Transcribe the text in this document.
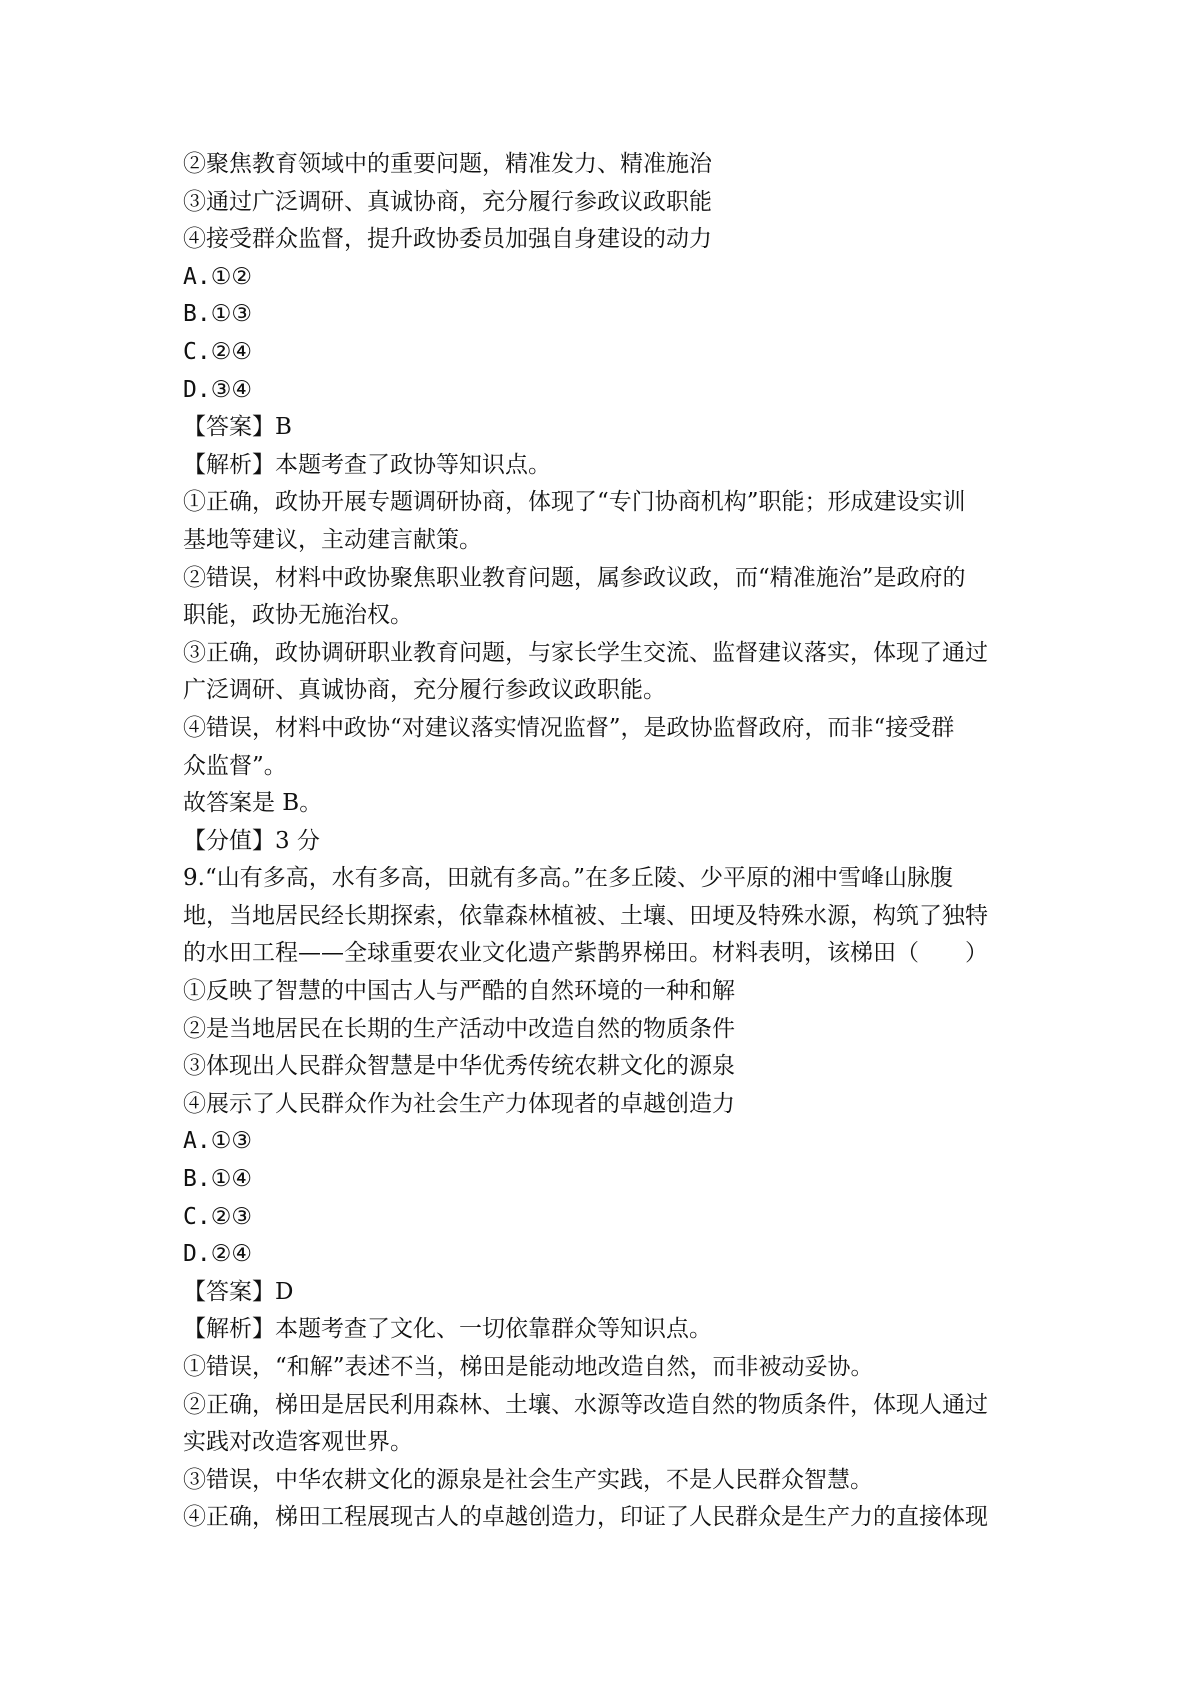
②聚焦教育领域中的重要问题，精准发力、精准施治
③通过广泛调研、真诚协商，充分履行参政议政职能
④接受群众监督，提升政协委员加强自身建设的动力
A.①②
B.①③
C.②④
D.③④
【答案】B
【解析】本题考查了政协等知识点。
①正确，政协开展专题调研协商，体现了“专门协商机构”职能；形成建设实训
基地等建议，主动建言献策。
②错误，材料中政协聚焦职业教育问题，属参政议政，而“精准施治”是政府的
职能，政协无施治权。
③正确，政协调研职业教育问题，与家长学生交流、监督建议落实，体现了通过
广泛调研、真诚协商，充分履行参政议政职能。
④错误，材料中政协“对建议落实情况监督”，是政协监督政府，而非“接受群
众监督”。
故答案是 B。
【分值】3 分
9.“山有多高，水有多高，田就有多高。”在多丘陵、少平原的湘中雪峰山脉腹
地，当地居民经长期探索，依靠森林植被、土壤、田埂及特殊水源，构筑了独特
的水田工程——全球重要农业文化遗产紫鹊界梯田。材料表明，该梯田（　　）
①反映了智慧的中国古人与严酷的自然环境的一种和解
②是当地居民在长期的生产活动中改造自然的物质条件
③体现出人民群众智慧是中华优秀传统农耕文化的源泉
④展示了人民群众作为社会生产力体现者的卓越创造力
A.①③
B.①④
C.②③
D.②④
【答案】D
【解析】本题考查了文化、一切依靠群众等知识点。
①错误，“和解”表述不当，梯田是能动地改造自然，而非被动妥协。
②正确，梯田是居民利用森林、土壤、水源等改造自然的物质条件，体现人通过
实践对改造客观世界。
③错误，中华农耕文化的源泉是社会生产实践，不是人民群众智慧。
④正确，梯田工程展现古人的卓越创造力，印证了人民群众是生产力的直接体现
